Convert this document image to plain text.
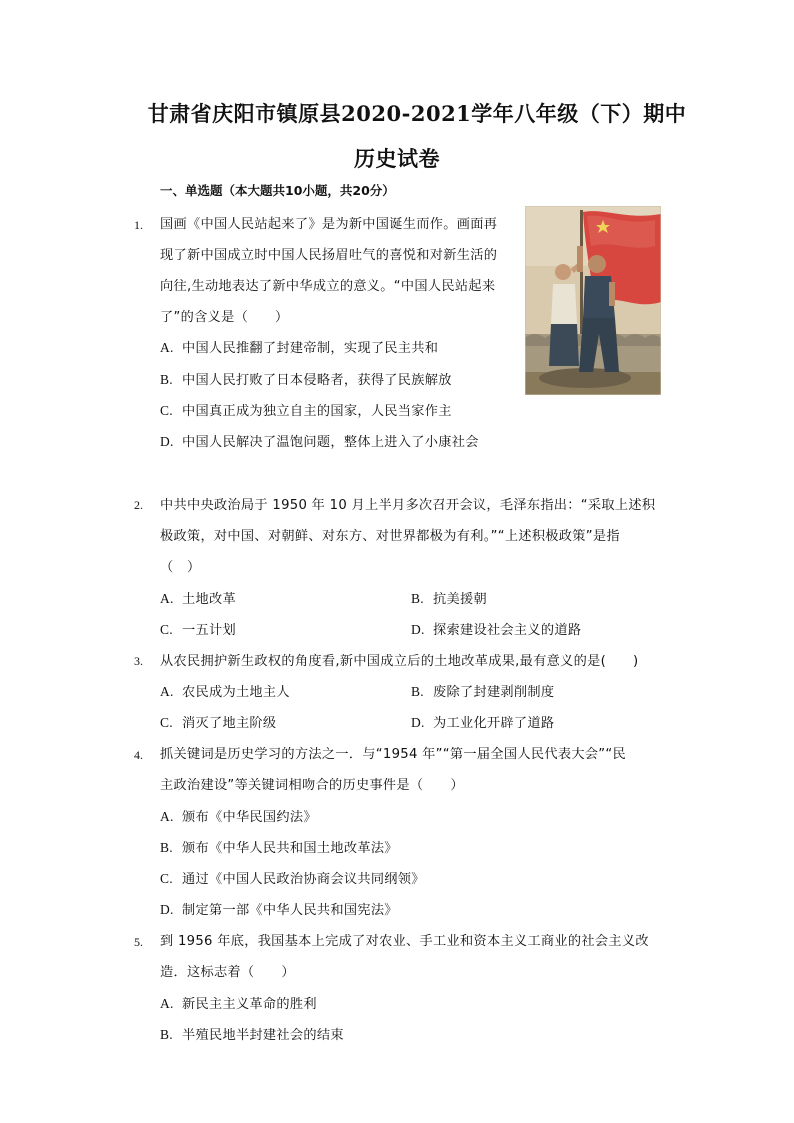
甘肃省庆阳市镇原县2020-2021学年八年级（下）期中
历史试卷
一、单选题（本大题共10小题，共20分）
1. 国画《中国人民站起来了》是为新中国诞生而作。画面再
现了新中国成立时中国人民扬眉吐气的喜悦和对新生活的
向往,生动地表达了新中华成立的意义。“中国人民站起来
了”的含义是（　　）
A. 中国人民推翻了封建帝制，实现了民主共和
B. 中国人民打败了日本侵略者，获得了民族解放
C. 中国真正成为独立自主的国家，人民当家作主
D. 中国人民解决了温饱问题，整体上进入了小康社会
2. 中共中央政治局于 1950 年 10 月上半月多次召开会议，毛泽东指出：“采取上述积
极政策，对中国、对朝鲜、对东方、对世界都极为有利。”“上述积极政策”是指
（　）
A. 土地改革	B. 抗美援朝
C. 一五计划	D. 探索建设社会主义的道路
3. 从农民拥护新生政权的角度看,新中国成立后的土地改革成果,最有意义的是(　　)
A. 农民成为土地主人	B. 废除了封建剥削制度
C. 消灭了地主阶级	D. 为工业化开辟了道路
4. 抓关键词是历史学习的方法之一．与“1954 年”“第一届全国人民代表大会”“民
主政治建设”等关键词相吻合的历史事件是（　　）
A. 颁布《中华民国约法》
B. 颁布《中华人民共和国土地改革法》
C. 通过《中国人民政治协商会议共同纲领》
D. 制定第一部《中华人民共和国宪法》
5. 到 1956 年底，我国基本上完成了对农业、手工业和资本主义工商业的社会主义改
造．这标志着（　　）
A. 新民主主义革命的胜利
B. 半殖民地半封建社会的结束
